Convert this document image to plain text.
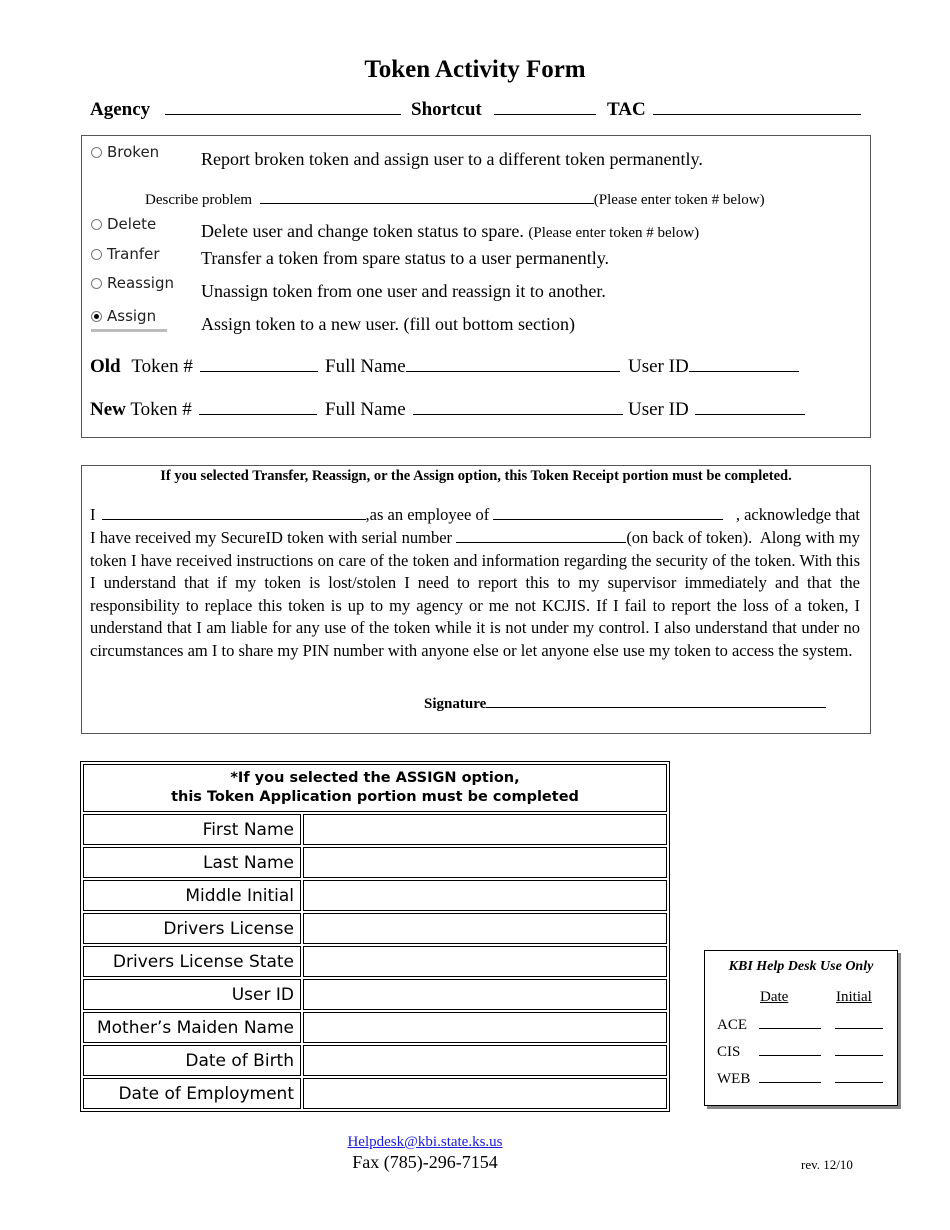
Token Activity Form
Agency	Shortcut	TAC
Broken Report broken token and assign user to a different token permanently.
Describe problem	(Please enter token # below)
Delete Delete user and change token status to spare. (Please enter token # below)
Tranfer Transfer a token from spare status to a user permanently.
Reassign Unassign token from one user and reassign it to another.
Assign Assign token to a new user. (fill out bottom section)
Old Token #	Full Name	User ID
New Token #	Full Name	User ID
If you selected Transfer, Reassign, or the Assign option, this Token Receipt portion must be completed.
I	,as an employee of	, acknowledge that
I have received my SecureID token with serial number	(on back of token). Along with my token I have received instructions on care of the token and information regarding the security of the token. With this I understand that if my token is lost/stolen I need to report this to my supervisor immediately and that the responsibility to replace this token is up to my agency or me not KCJIS. If I fail to report the loss of a token, I understand that I am liable for any use of the token while it is not under my control. I also understand that under no circumstances am I to share my PIN number with anyone else or let anyone else use my token to access the system.
Signature
*If you selected the ASSIGN option,
this Token Application portion must be completed	

First Name	
Last Name	
Middle Initial	
Drivers License	
Drivers License State	
User ID	
Mother’s Maiden Name	
Date of Birth	
Date of Employment	
KBI Help Desk Use Only
Date	Initial
ACE
CIS
WEB
Helpdesk@kbi.state.ks.us
Fax (785)-296-7154	rev. 12/10
